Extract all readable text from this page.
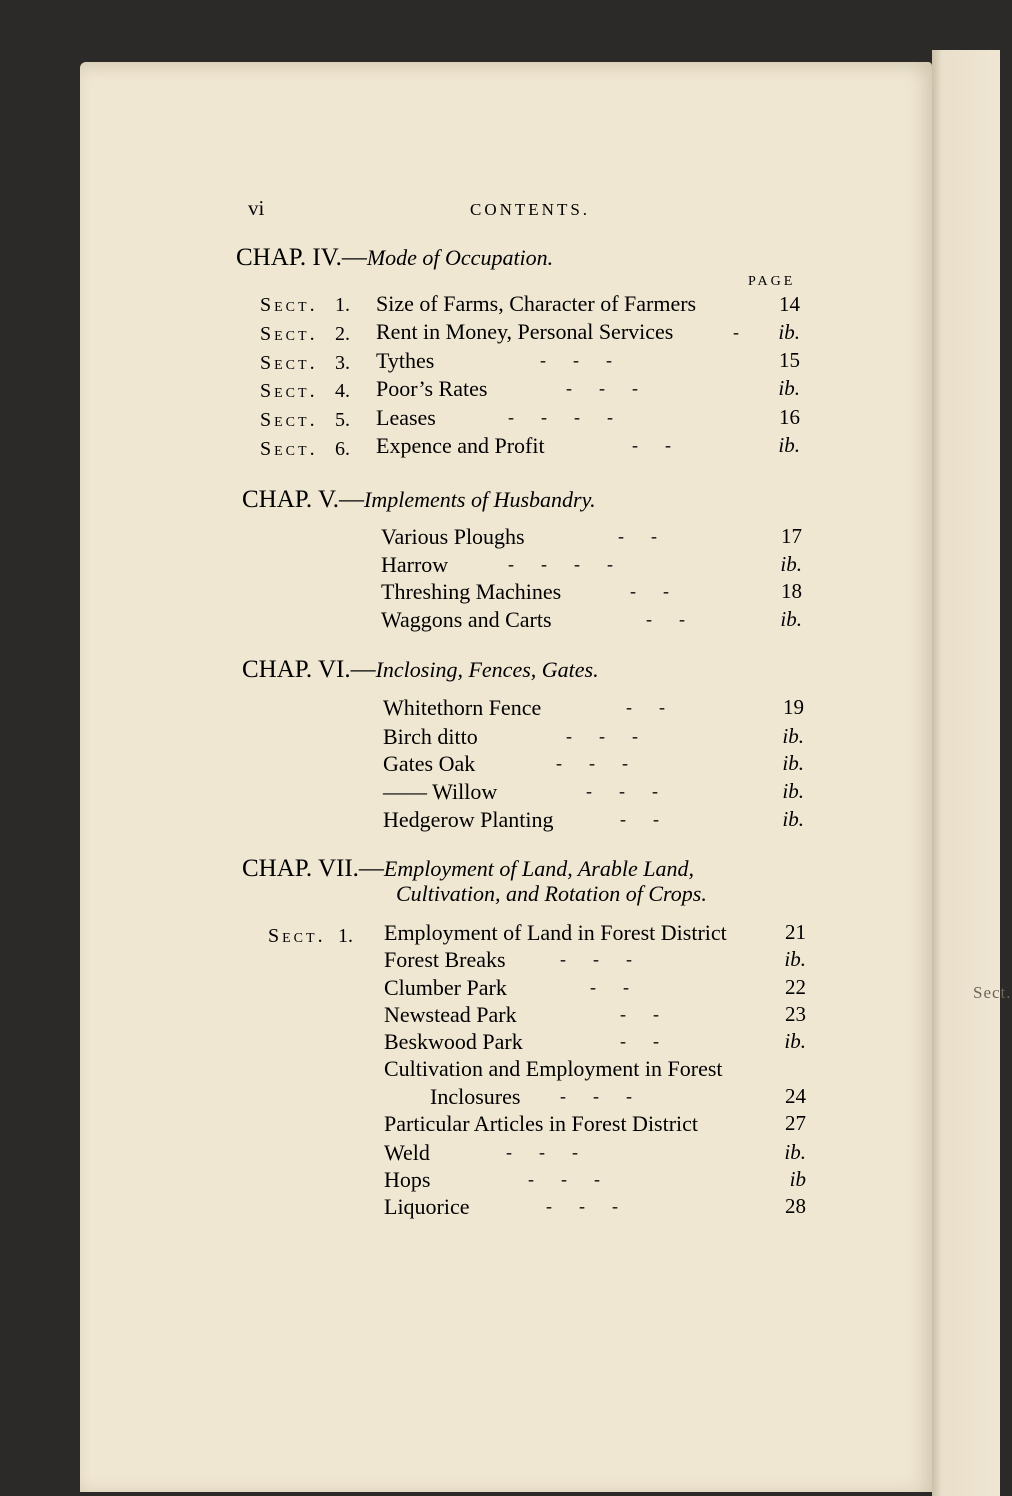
Sect.
vi	CONTENTS.
CHAP. IV.—Mode of Occupation.
PAGE
Sect. 1. Size of Farms, Character of Farmers	14
Sect. 2. Rent in Money, Personal Services	-	ib.
Sect. 3. Tythes	-      -      -	15
Sect. 4. Poor’s Rates	-      -      -	ib.
Sect. 5. Leases	-      -      -      -	16
Sect. 6. Expence and Profit	-      -	ib.
CHAP. V.—Implements of Husbandry.
Various Ploughs	-      -	17
Harrow	-      -      -      -	ib.
Threshing Machines	-      -	18
Waggons and Carts	-      -	ib.
CHAP. VI.—Inclosing, Fences, Gates.
Whitethorn Fence	-      -	19
Birch ditto	-      -      -	ib.
Gates Oak	-      -      -	ib.
—— Willow	-      -      -	ib.
Hedgerow Planting	-      -	ib.
CHAP. VII.—Employment of Land, Arable Land,
Cultivation, and Rotation of Crops.
Sect. 1. Employment of Land in Forest District	21
Forest Breaks	-      -      -	ib.
Clumber Park	-      -	22
Newstead Park	-      -	23
Beskwood Park	-      -	ib.
Cultivation and Employment in Forest
Inclosures -      -      -	24
Particular Articles in Forest District	27
Weld	-      -      -	ib.
Hops	-      -      -	ib
Liquorice	-      -      -	28
